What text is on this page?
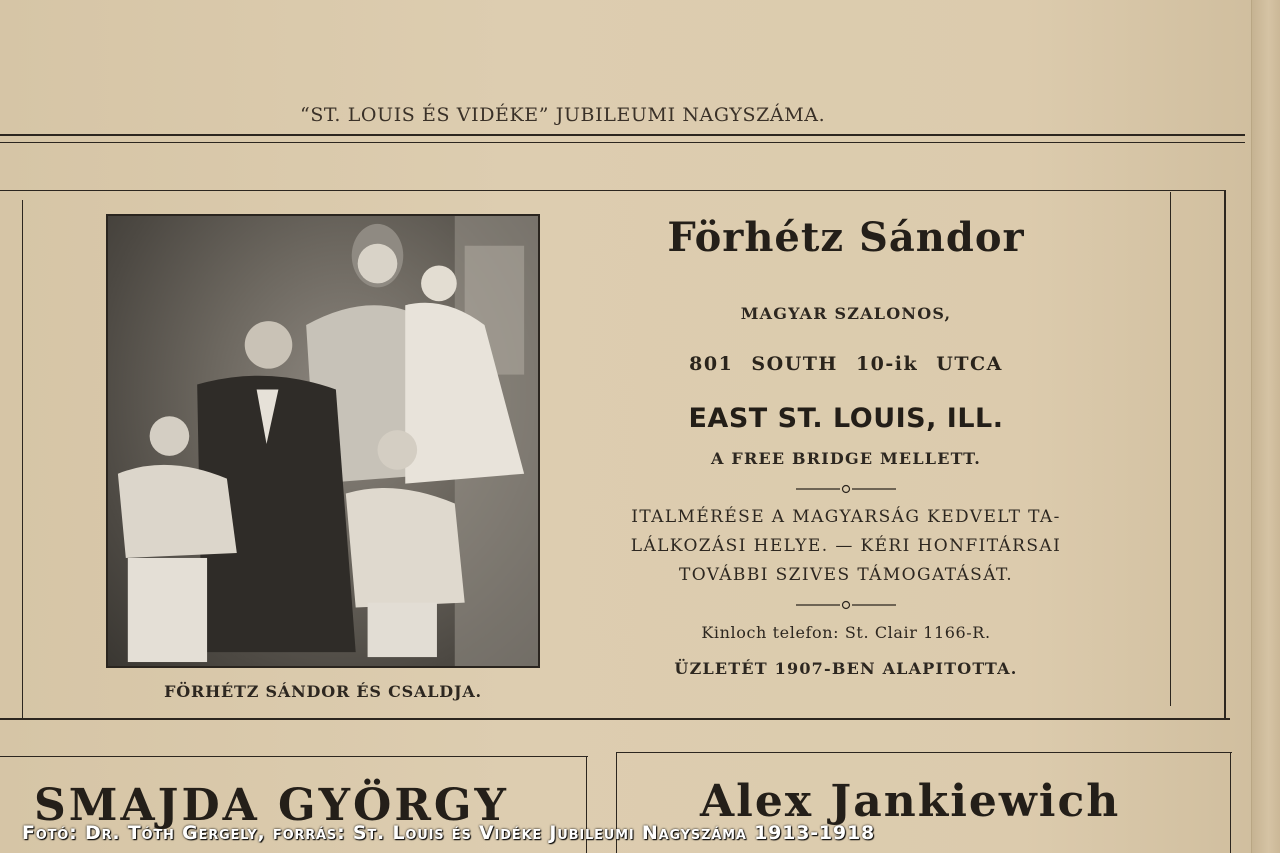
“ST. LOUIS ÉS VIDÉKE” JUBILEUMI NAGYSZÁMA.
FÖRHÉTZ SÁNDOR ÉS CSALDJA.
Förhétz Sándor
MAGYAR SZALONOS,
801 SOUTH 10-ik UTCA
EAST ST. LOUIS, ILL.
A FREE BRIDGE MELLETT.
ITALMÉRÉSE A MAGYARSÁG KEDVELT TA-
LÁLKOZÁSI HELYE. — KÉRI HONFITÁRSAI
TOVÁBBI SZIVES TÁMOGATÁSÁT.
Kinloch telefon: St. Clair 1166-R.
ÜZLETÉT 1907-BEN ALAPITOTTA.
SMAJDA GYÖRGY	Alex Jankiewich
Fotó: Dr. Tóth Gergely, forrás: St. Louis és Vidéke Jubileumi Nagyszáma 1913-1918
